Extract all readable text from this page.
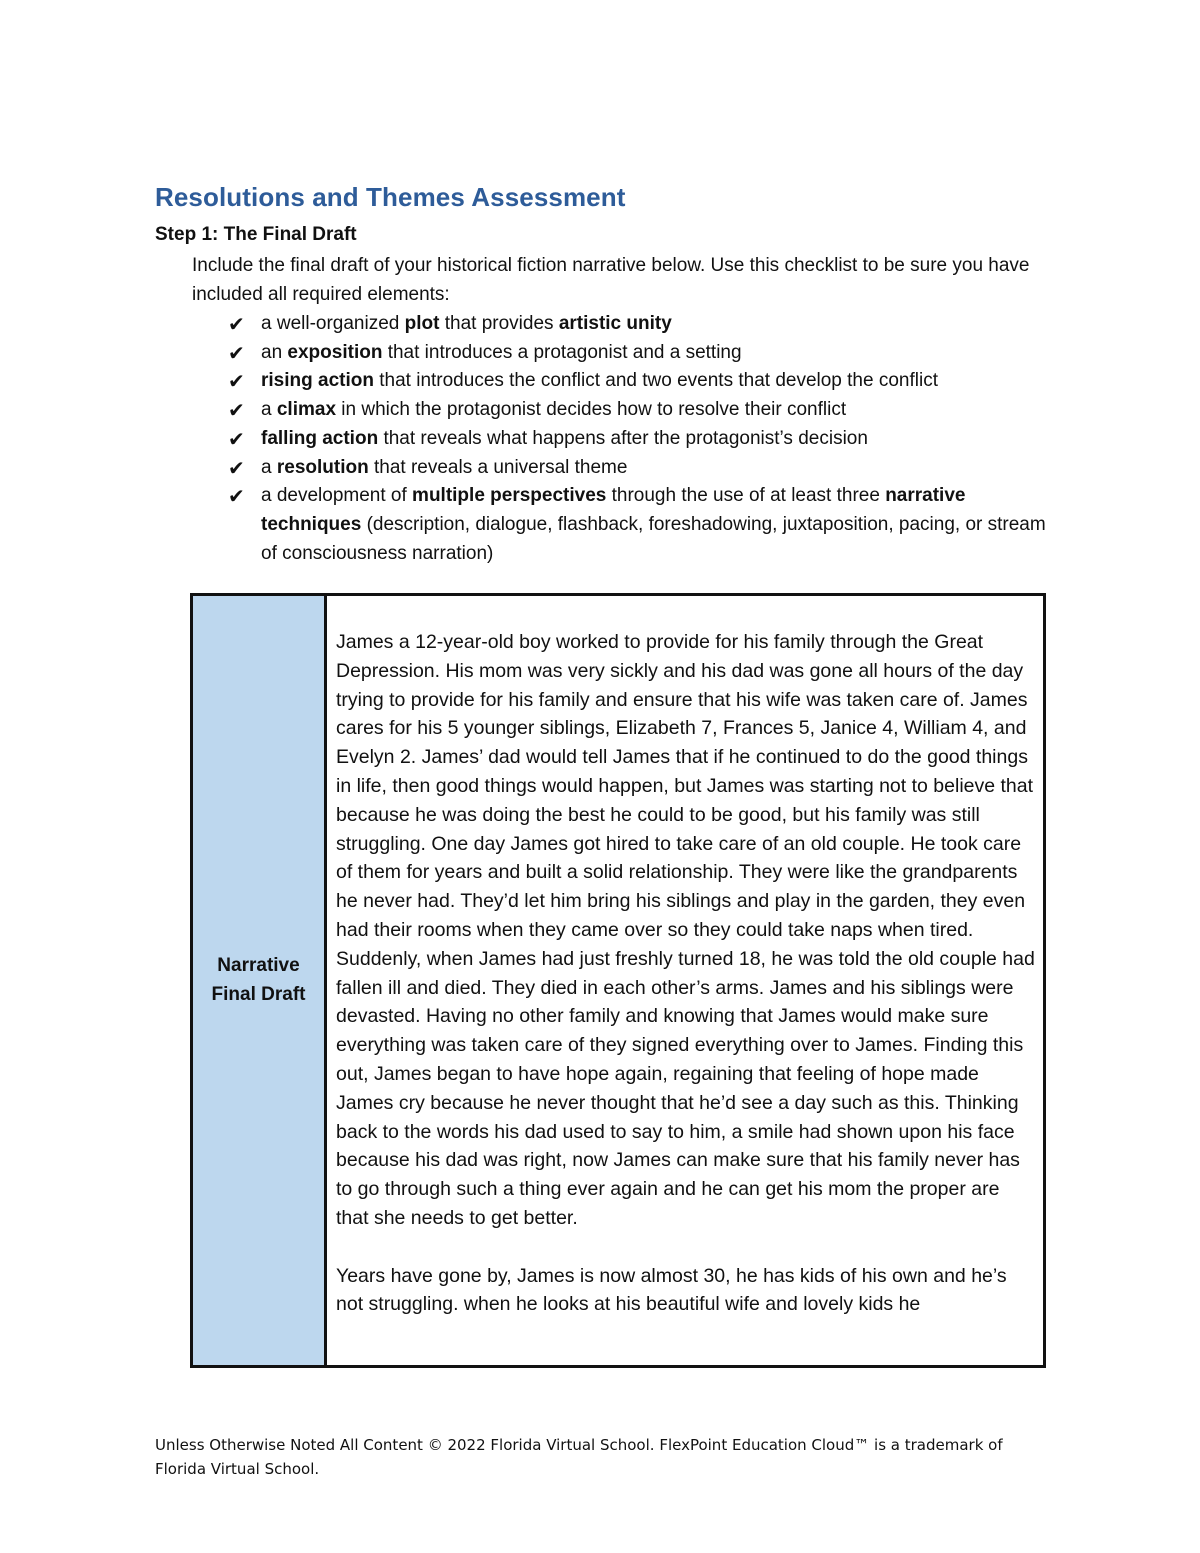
Resolutions and Themes Assessment
Step 1: The Final Draft
Include the final draft of your historical fiction narrative below. Use this checklist to be sure you have included all required elements:
✔ a well-organized plot that provides artistic unity
✔ an exposition that introduces a protagonist and a setting
✔ rising action that introduces the conflict and two events that develop the conflict
✔ a climax in which the protagonist decides how to resolve their conflict
✔ falling action that reveals what happens after the protagonist’s decision
✔ a resolution that reveals a universal theme
✔ a development of multiple perspectives through the use of at least three narrative techniques (description, dialogue, flashback, foreshadowing, juxtaposition, pacing, or stream of consciousness narration)
Narrative
Final Draft

James a 12-year-old boy worked to provide for his family through the Great Depression. His mom was very sickly and his dad was gone all hours of the day trying to provide for his family and ensure that his wife was taken care of. James cares for his 5 younger siblings, Elizabeth 7, Frances 5, Janice 4, William 4, and Evelyn 2. James’ dad would tell James that if he continued to do the good things in life, then good things would happen, but James was starting not to believe that because he was doing the best he could to be good, but his family was still struggling. One day James got hired to take care of an old couple. He took care of them for years and built a solid relationship. They were like the grandparents he never had. They’d let him bring his siblings and play in the garden, they even had their rooms when they came over so they could take naps when tired. Suddenly, when James had just freshly turned 18, he was told the old couple had fallen ill and died. They died in each other’s arms. James and his siblings were devasted. Having no other family and knowing that James would make sure everything was taken care of they signed everything over to James. Finding this out, James began to have hope again, regaining that feeling of hope made James cry because he never thought that he’d see a day such as this. Thinking back to the words his dad used to say to him, a smile had shown upon his face because his dad was right, now James can make sure that his family never has to go through such a thing ever again and he can get his mom the proper are that she needs to get better.

Years have gone by, James is now almost 30, he has kids of his own and he’s not struggling. when he looks at his beautiful wife and lovely kids he

Unless Otherwise Noted All Content © 2022 Florida Virtual School. FlexPoint Education Cloud™ is a trademark of Florida Virtual School.
